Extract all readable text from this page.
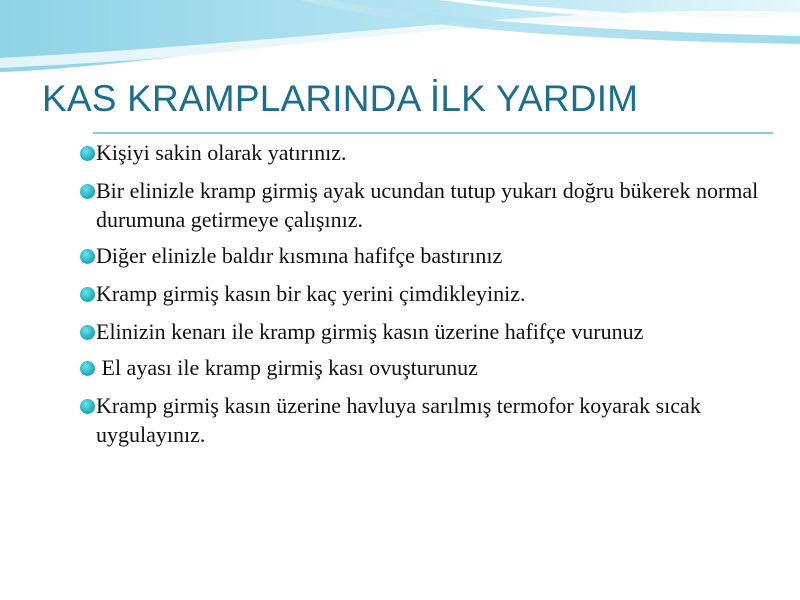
KAS KRAMPLARINDA İLK YARDIM
Kişiyi sakin olarak yatırınız.
Bir elinizle kramp girmiş ayak ucundan tutup yukarı doğru bükerek normal durumuna getirmeye çalışınız.
Diğer elinizle baldır kısmına hafifçe bastırınız
Kramp girmiş kasın bir kaç yerini çimdikleyiniz.
Elinizin kenarı ile kramp girmiş kasın üzerine hafifçe vurunuz
El ayası ile kramp girmiş kası ovuşturunuz
Kramp girmiş kasın üzerine havluya sarılmış termofor koyarak sıcak  uygulayınız.
